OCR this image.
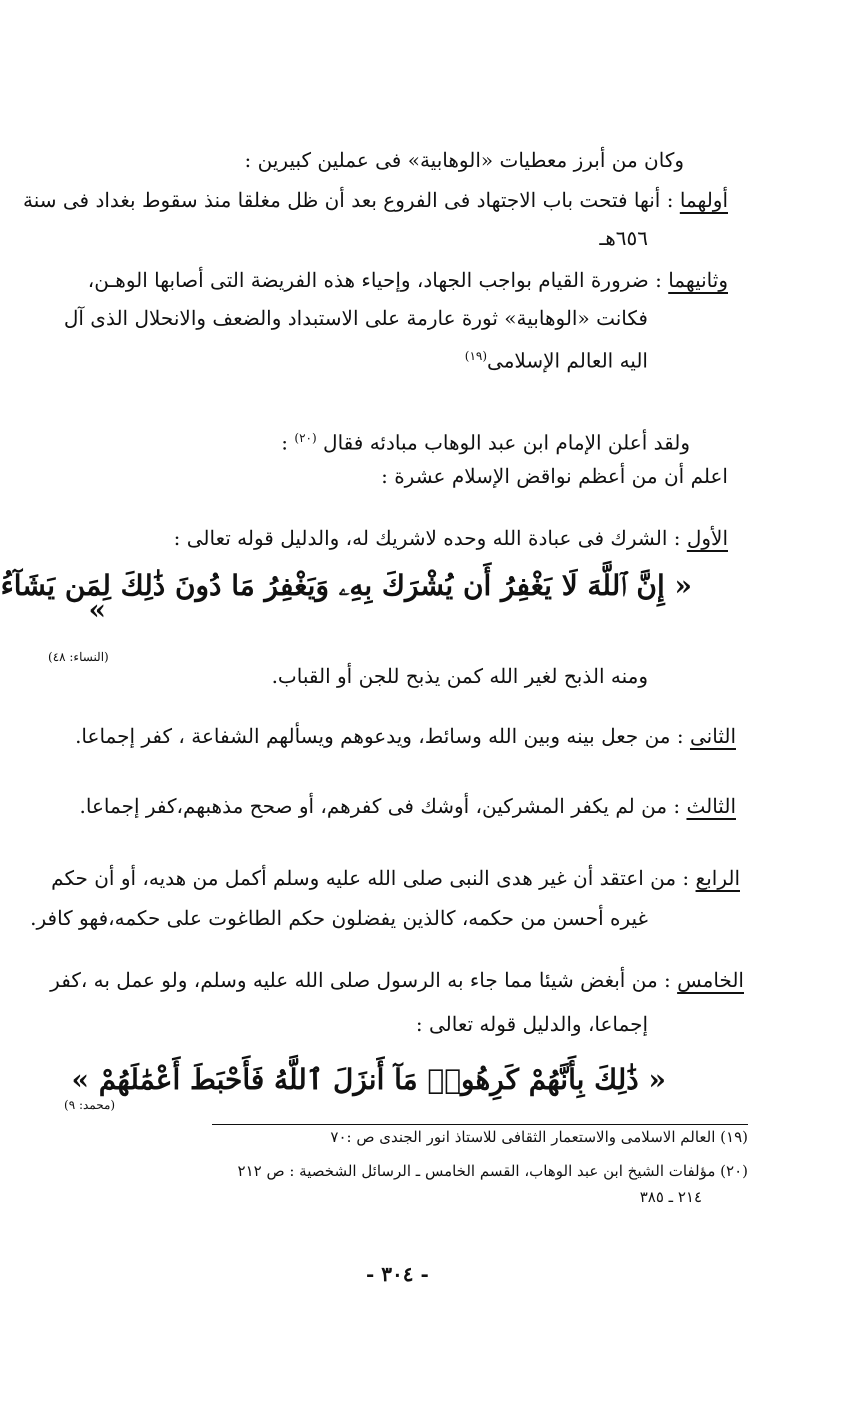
وكان من أبرز معطيات «الوهابية» فى عملين كبيرين :
أولهما : أنها فتحت باب الاجتهاد فى الفروع بعد أن ظل مغلقا منذ سقوط بغداد فى سنة
٦٥٦هـ
وثانيهما : ضرورة القيام بواجب الجهاد، وإحياء هذه الفريضة التى أصابها الوهـن،
فكانت «الوهابية» ثورة عارمة على الاستبداد والضعف والانحلال الذى آل
اليه العالم الإسلامى$^{(١٩)}$
ولقد أعلن الإمام ابن عبد الوهاب مبادئه فقال $^{(٢٠)}$ :
اعلم أن من أعظم نواقض الإسلام عشرة :
الأول : الشرك فى عبادة الله وحده لاشريك له، والدليل قوله تعالى :
« إِنَّ ٱللَّهَ لَا يَغْفِرُ أَن يُشْرَكَ بِهِۦ وَيَغْفِرُ مَا دُونَ ذَٰلِكَ لِمَن يَشَآءُ
»
(النساء: ٤٨)
ومنه الذبح لغير الله كمن يذبح للجن أو القباب.
الثانى : من جعل بينه وبين الله وسائط، ويدعوهم ويسألهم الشفاعة ، كفر إجماعا.
الثالث : من لم يكفر المشركين، أوشك فى كفرهم، أو صحح مذهبهم،كفر إجماعا.
الرابع : من اعتقد أن غير هدى النبى صلى الله عليه وسلم أكمل من هديه، أو أن حكم
غيره أحسن من حكمه، كالذين يفضلون حكم الطاغوت على حكمه،فهو كافر.
الخامس : من أبغض شيئا مما جاء به الرسول صلى الله عليه وسلم، ولو عمل به ،كفر
إجماعا، والدليل قوله تعالى :
« ذَٰلِكَ بِأَنَّهُمْ كَرِهُوا۟ مَآ أَنزَلَ ٱللَّهُ فَأَحْبَطَ أَعْمَٰلَهُمْ »
(محمد: ٩)
(١٩) العالم الاسلامى والاستعمار الثقافى للاستاذ انور الجندى ص :٧٠
(٢٠) مؤلفات الشيخ ابن عبد الوهاب، القسم الخامس ـ الرسائل الشخصية : ص ٢١٢
٢١٤ ـ ٣٨٥
- ٣٠٤ -
